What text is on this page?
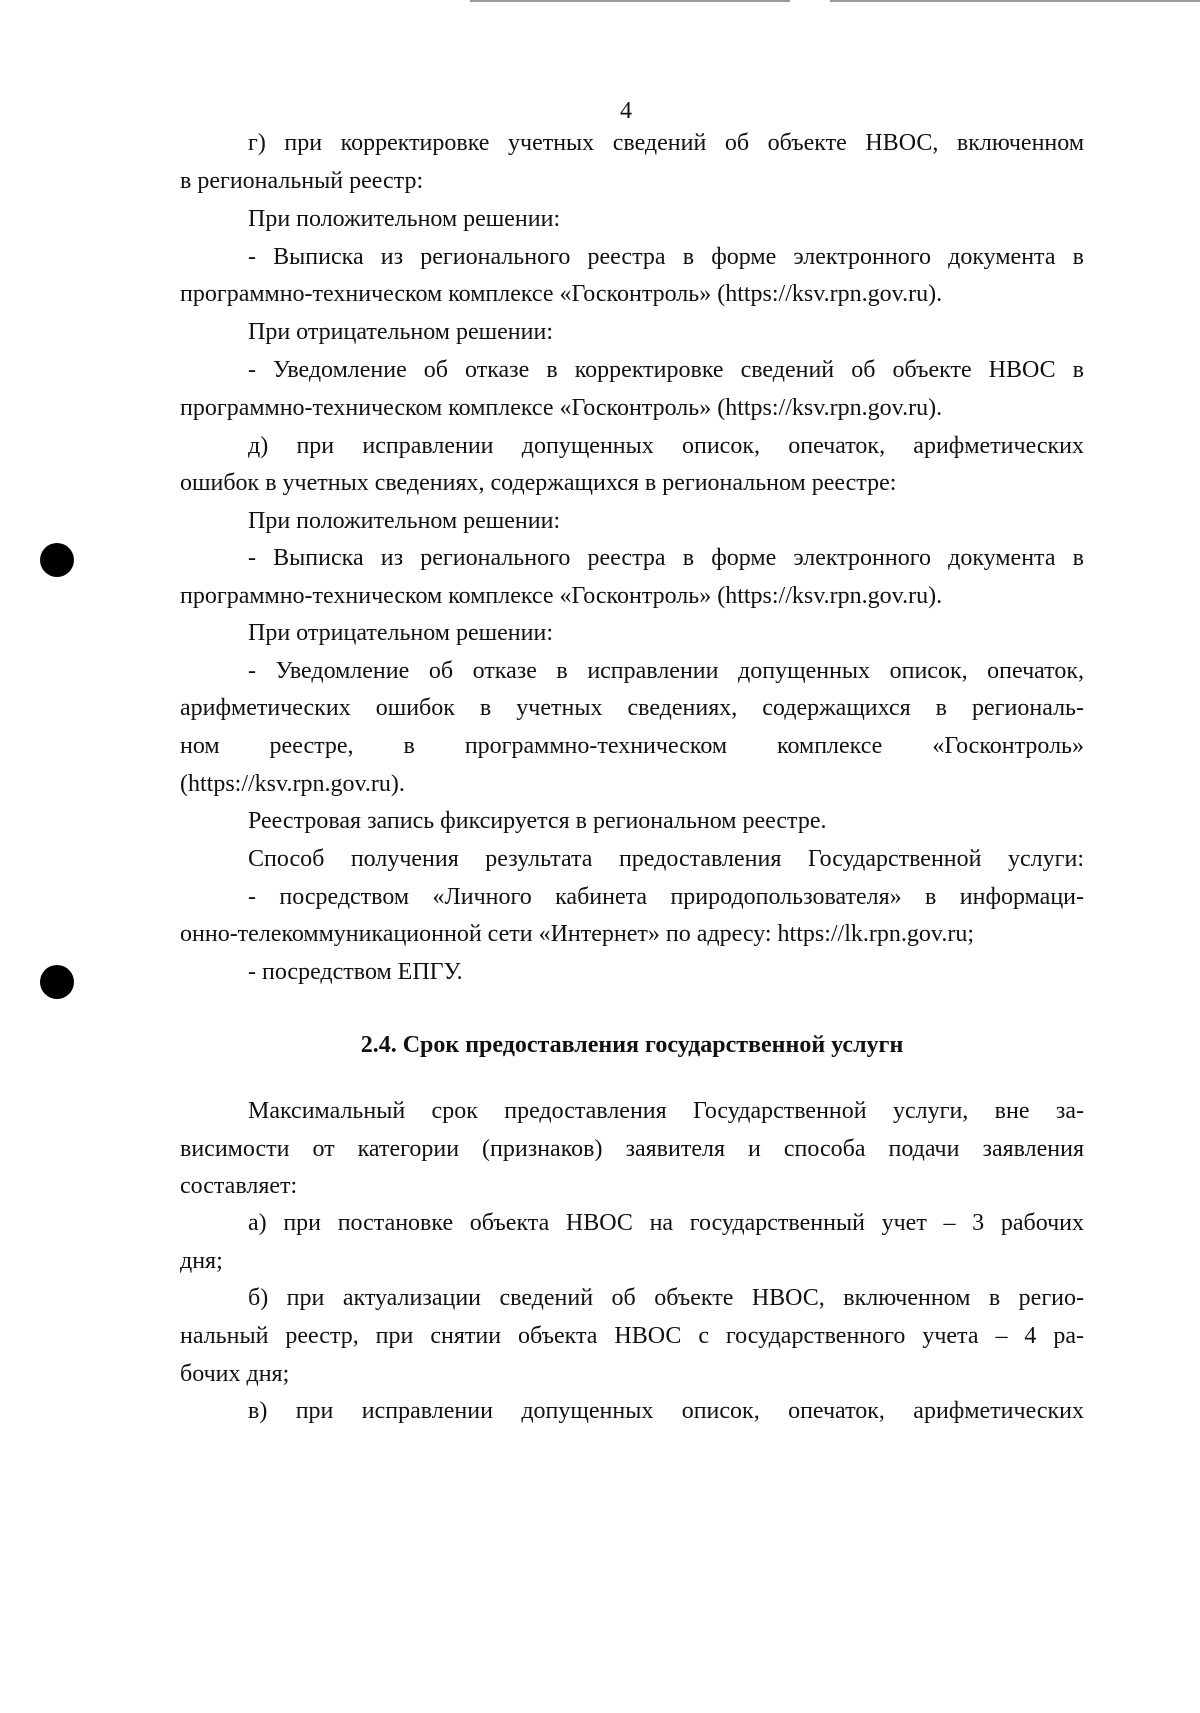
4
г) при корректировке учетных сведений об объекте НВОС, включенном
в региональный реестр:
При положительном решении:
- Выписка из регионального реестра в форме электронного документа в
программно-техническом комплексе «Госконтроль» (https://ksv.rpn.gov.ru).
При отрицательном решении:
- Уведомление об отказе в корректировке сведений об объекте НВОС в
программно-техническом комплексе «Госконтроль» (https://ksv.rpn.gov.ru).
д) при исправлении допущенных описок, опечаток, арифметических
ошибок в учетных сведениях, содержащихся в региональном реестре:
При положительном решении:
- Выписка из регионального реестра в форме электронного документа в
программно-техническом комплексе «Госконтроль» (https://ksv.rpn.gov.ru).
При отрицательном решении:
- Уведомление об отказе в исправлении допущенных описок, опечаток,
арифметических ошибок в учетных сведениях, содержащихся в региональ-
ном реестре, в программно-техническом комплексе «Госконтроль»
(https://ksv.rpn.gov.ru).
Реестровая запись фиксируется в региональном реестре.
Способ получения результата предоставления Государственной услуги:
- посредством «Личного кабинета природопользователя» в информаци-
онно-телекоммуникационной сети «Интернет» по адресу: https://lk.rpn.gov.ru;
- посредством ЕПГУ.
2.4. Срок предоставления государственной услугн
Максимальный срок предоставления Государственной услуги, вне за-
висимости от категории (признаков) заявителя и способа подачи заявления
составляет:
а) при постановке объекта НВОС на государственный учет – 3 рабочих
дня;
б) при актуализации сведений об объекте НВОС, включенном в регио-
нальный реестр, при снятии объекта НВОС с государственного учета – 4 ра-
бочих дня;
в) при исправлении допущенных описок, опечаток, арифметических
